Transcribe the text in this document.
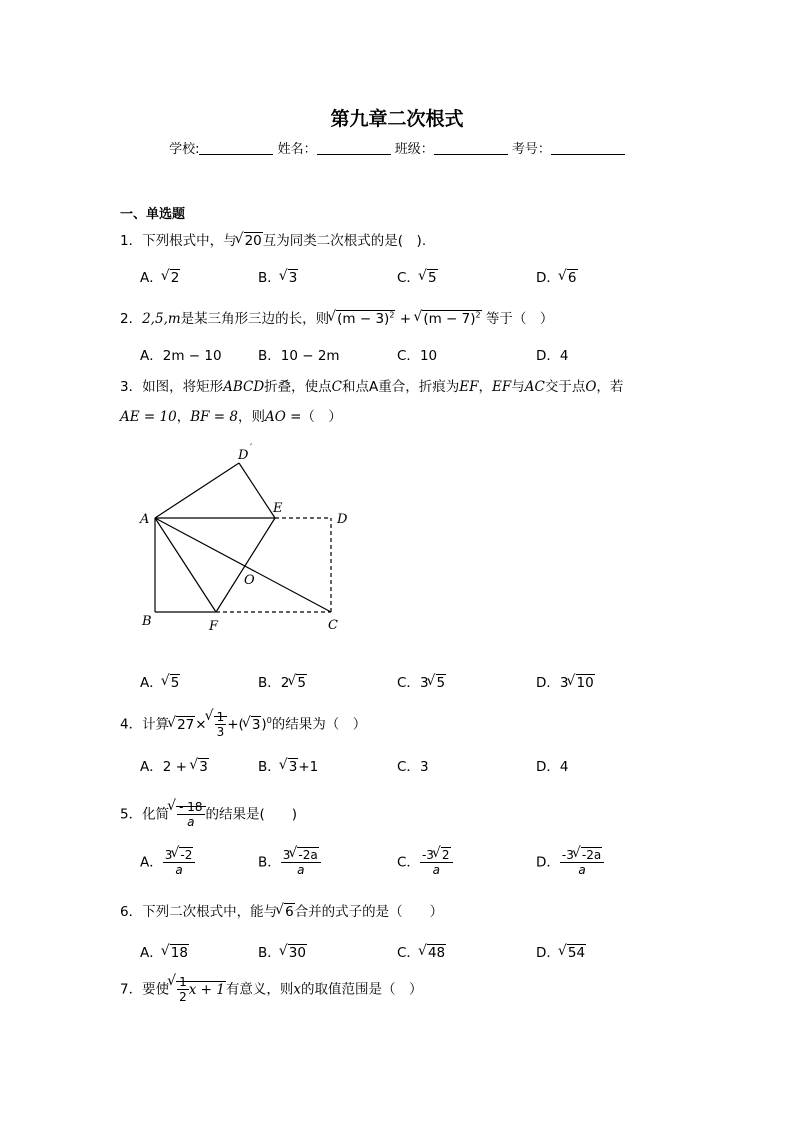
第九章二次根式
学校:	姓名：	班级：	考号：
一、单选题
1．下列根式中，与 √ 20互为同类二次根式的是(　).
A． √ 2	B． √ 3	C． √ 5	D． √ 6
2．2,5,m是某三角形三边的长，则 √ $(m - 3)^2$ + √ $(m - 7)^2$ 等于（　）
A．2m − 10	B．10 − 2m	C．10	D．4
3．如图，将矩形ABCD折叠，使点C和点A重合，折痕为EF，EF与AC交于点O，若
AE = 10，BF = 8，则AO =（　）
A
B	C
D
D ′
E
F
O
A． √ 5	B．2 √ 5	C．3 √ 5	D．3 √ 10
4．计算 √ 27× √ $\frac{1}{3}$ +( √ 3)$^0$的结果为（　）
A．2 + √ 3	B． √ 3+1	C．3	D．4
5．化简 √ $\frac{- 18}{a}$ 的结果是(　　)
A． $\frac{3 √ -2}{a}$	B． $\frac{3 √ -2a}{a}$	C． $\frac{-3 √ 2}{a}$	D． $\frac{-3 √ -2a}{a}$
6．下列二次根式中，能与 √ 6合并的式子的是（　　）
A． √ 18	B． √ 30	C． √ 48	D． √ 54
7．要使 √ $\frac{1}{2}$ x + 1有意义，则x的取值范围是（　）
